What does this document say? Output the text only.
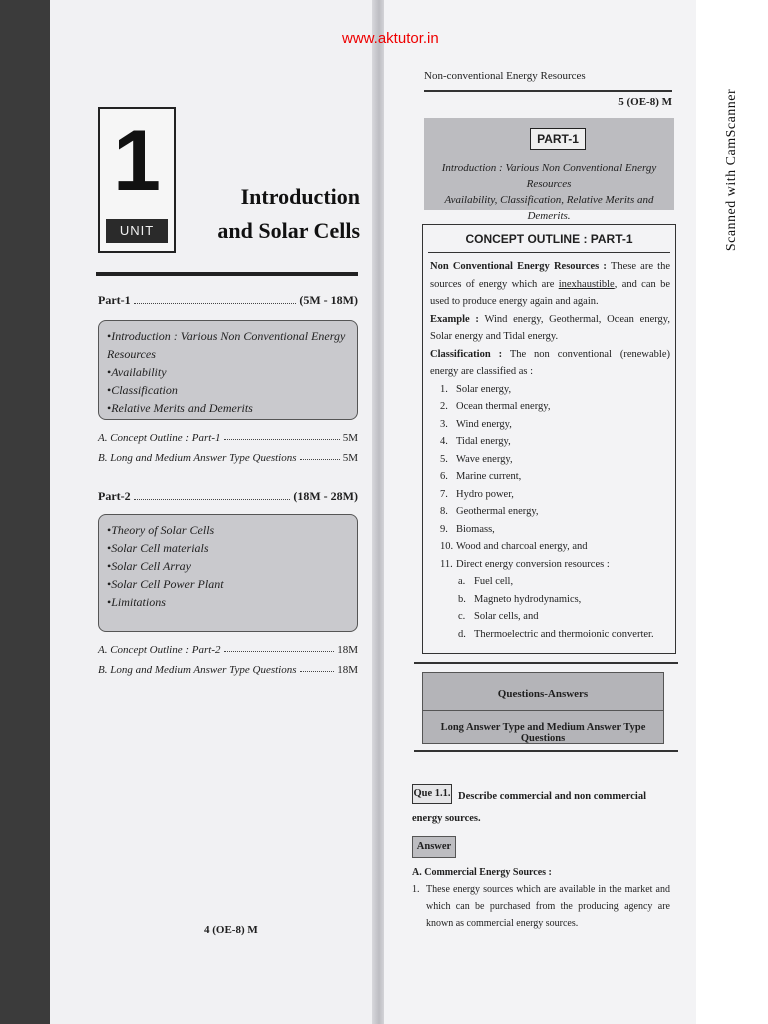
Scanned with CamScanner
www.aktutor.in
1
UNIT
Introduction
and Solar Cells
Part-1	(5M - 18M)
• Introduction : Various Non Conventional Energy Resources
• Availability
• Classification
• Relative Merits and Demerits
A. Concept Outline : Part-1	5M
B. Long and Medium Answer Type Questions	5M
Part-2	(18M - 28M)
• Theory of Solar Cells
• Solar Cell materials
• Solar Cell Array
• Solar Cell Power Plant
• Limitations
A. Concept Outline : Part-2	18M
B. Long and Medium Answer Type Questions	18M
4 (OE-8) M
Non-conventional Energy Resources
5 (OE-8) M
PART-1
Introduction : Various Non Conventional Energy Resources
Availability, Classification, Relative Merits and Demerits.
CONCEPT OUTLINE : PART-1

Non Conventional Energy Resources : These are the sources of energy which are inexhaustible, and can be used to produce energy again and again.

Example : Wind energy, Geothermal, Ocean energy, Solar energy and Tidal energy.

Classification : The non conventional (renewable) energy are classified as :

1. Solar energy,
2. Ocean thermal energy,
3. Wind energy,
4. Tidal energy,
5. Wave energy,
6. Marine current,
7. Hydro power,
8. Geothermal energy,
9. Biomass,
10. Wood and charcoal energy, and
11. Direct energy conversion resources :
a. Fuel cell,
b. Magneto hydrodynamics,
c. Solar cells, and
d. Thermoelectric and thermoionic converter.
Questions-Answers
Long Answer Type and Medium Answer Type Questions
Describe commercial and non commercial energy sources.
Que 1.1.
Answer

A. Commercial Energy Sources :

1. These energy sources which are available in the market and which can be purchased from the producing agency are known as commercial energy sources.
